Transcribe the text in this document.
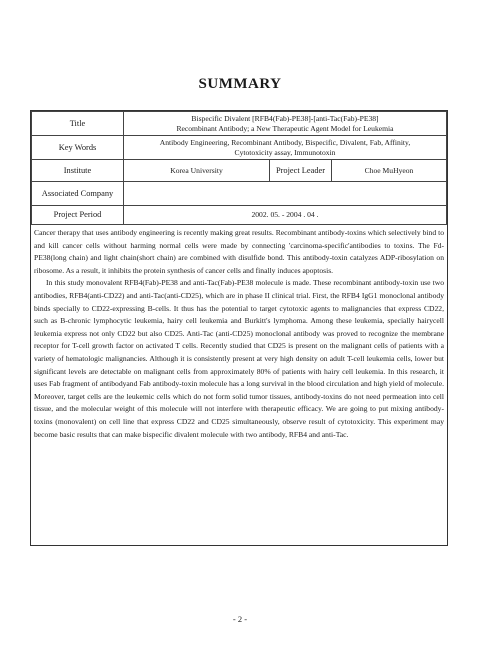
SUMMARY
Title	Bispecific Divalent [RFB4(Fab)-PE38]-[anti-Tac(Fab)-PE38]
Recombinant Antibody; a New Therapeutic Agent Model for Leukemia		

Key Words	Antibody Engineering, Recombinant Antibody, Bispecific, Divalent, Fab, Affinity,
Cytotoxicity assay, Immunotoxin		

Institute	Korea University	Project Leader	Choe MuHyeon
Associated Company			
Project Period	2002. 05. - 2004 . 04 .		

Cancer therapy that uses antibody engineering is recently making great results. Recombinant antibody-toxins which selectively bind to and kill cancer cells without harming normal cells were made by connecting 'carcinoma-specific'antibodies to toxins. The Fd-PE38(long chain) and light chain(short chain) are combined with disulfide bond. This antibody-toxin catalyzes ADP-ribosylation on ribosome. As a result, it inhibits the protein synthesis of cancer cells and finally induces apoptosis.

In this study monovalent RFB4(Fab)-PE38 and anti-Tac(Fab)-PE38 molecule is made. These recombinant antibody-toxin use two antibodies, RFB4(anti-CD22) and anti-Tac(anti-CD25), which are in phase II clinical trial. First, the RFB4 IgG1 monoclonal antibody binds specially to CD22-expressing B-cells. It thus has the potential to target cytotoxic agents to malignancies that express CD22, such as B-chronic lymphocytic leukemia, hairy cell leukemia and Burkitt's lymphoma. Among these leukemia, specially hairycell leukemia express not only CD22 but also CD25. Anti-Tac (anti-CD25) monoclonal antibody was proved to recognize the membrane receptor for T-cell growth factor on activated T cells. Recently studied that CD25 is present on the malignant cells of patients with a variety of hematologic malignancies. Although it is consistently present at very high density on adult T-cell leukemia cells, lower but significant levels are detectable on malignant cells from approximately 80% of patients with hairy cell leukemia. In this research, it uses Fab fragment of antibodyand Fab antibody-toxin molecule has a long survival in the blood circulation and high yield of molecule. Moreover, target cells are the leukemic cells which do not form solid tumor tissues, antibody-toxins do not need permeation into cell tissue, and the molecular weight of this molecule will not interfere with therapeutic efficacy. We are going to put mixing antibody-toxins (monovalent) on cell line that express CD22 and CD25 simultaneously, observe result of cytotoxicity. This experiment may become basic results that can make bispecific divalent molecule with two antibody, RFB4 and anti-Tac.

- 2 -
